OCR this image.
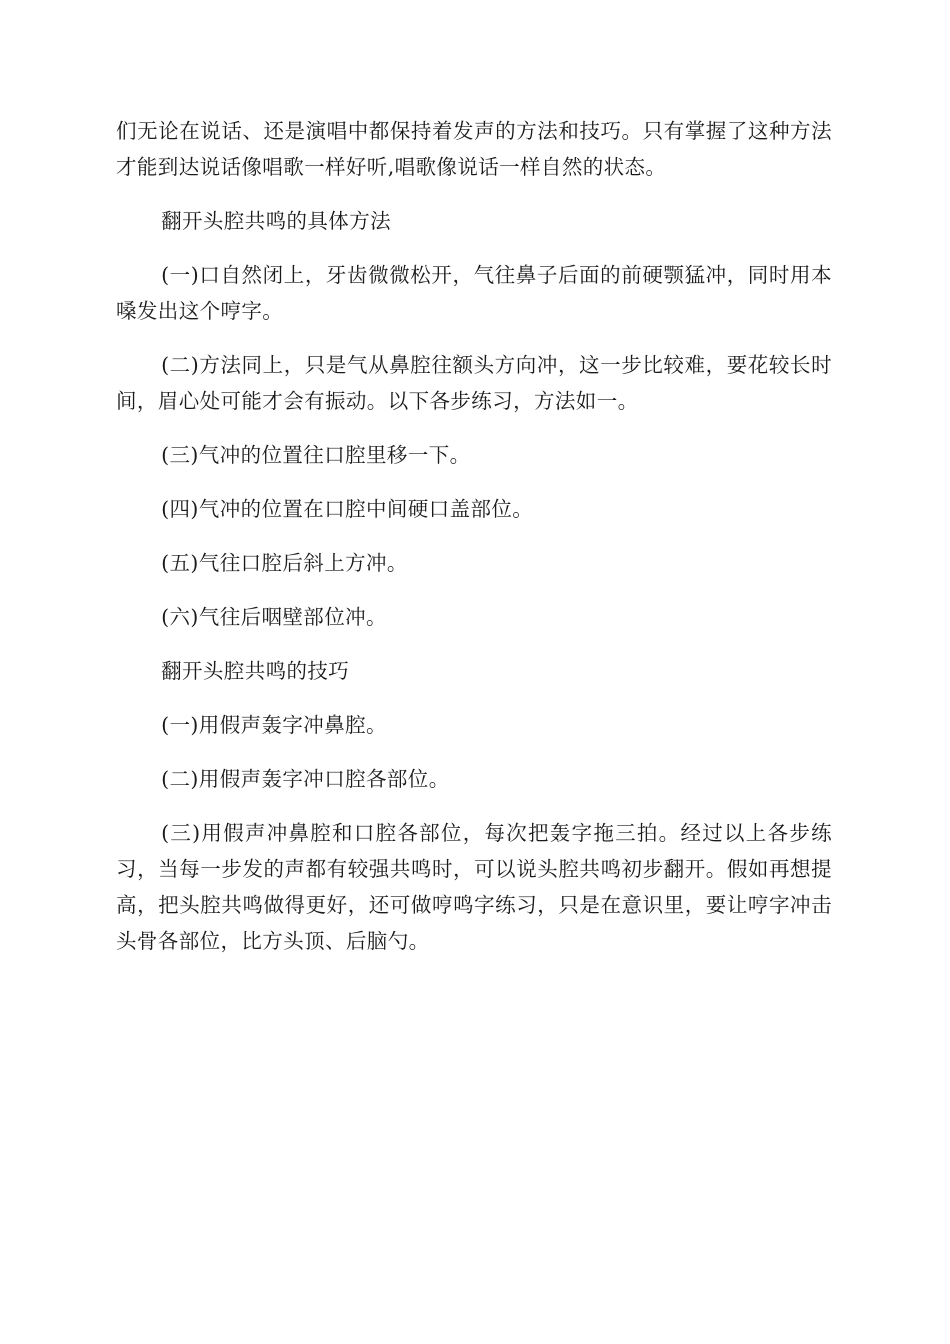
们无论在说话、还是演唱中都保持着发声的方法和技巧。只有掌握了这种方法才能到达说话像唱歌一样好听,唱歌像说话一样自然的状态。

翻开头腔共鸣的具体方法

(一)口自然闭上，牙齿微微松开，气往鼻子后面的前硬颚猛冲，同时用本嗓发出这个哼字。

(二)方法同上，只是气从鼻腔往额头方向冲，这一步比较难，要花较长时间，眉心处可能才会有振动。以下各步练习，方法如一。

(三)气冲的位置往口腔里移一下。

(四)气冲的位置在口腔中间硬口盖部位。

(五)气往口腔后斜上方冲。

(六)气往后咽壁部位冲。

翻开头腔共鸣的技巧

(一)用假声轰字冲鼻腔。

(二)用假声轰字冲口腔各部位。

(三)用假声冲鼻腔和口腔各部位，每次把轰字拖三拍。经过以上各步练习，当每一步发的声都有较强共鸣时，可以说头腔共鸣初步翻开。假如再想提高，把头腔共鸣做得更好，还可做哼鸣字练习，只是在意识里，要让哼字冲击头骨各部位，比方头顶、后脑勺。
